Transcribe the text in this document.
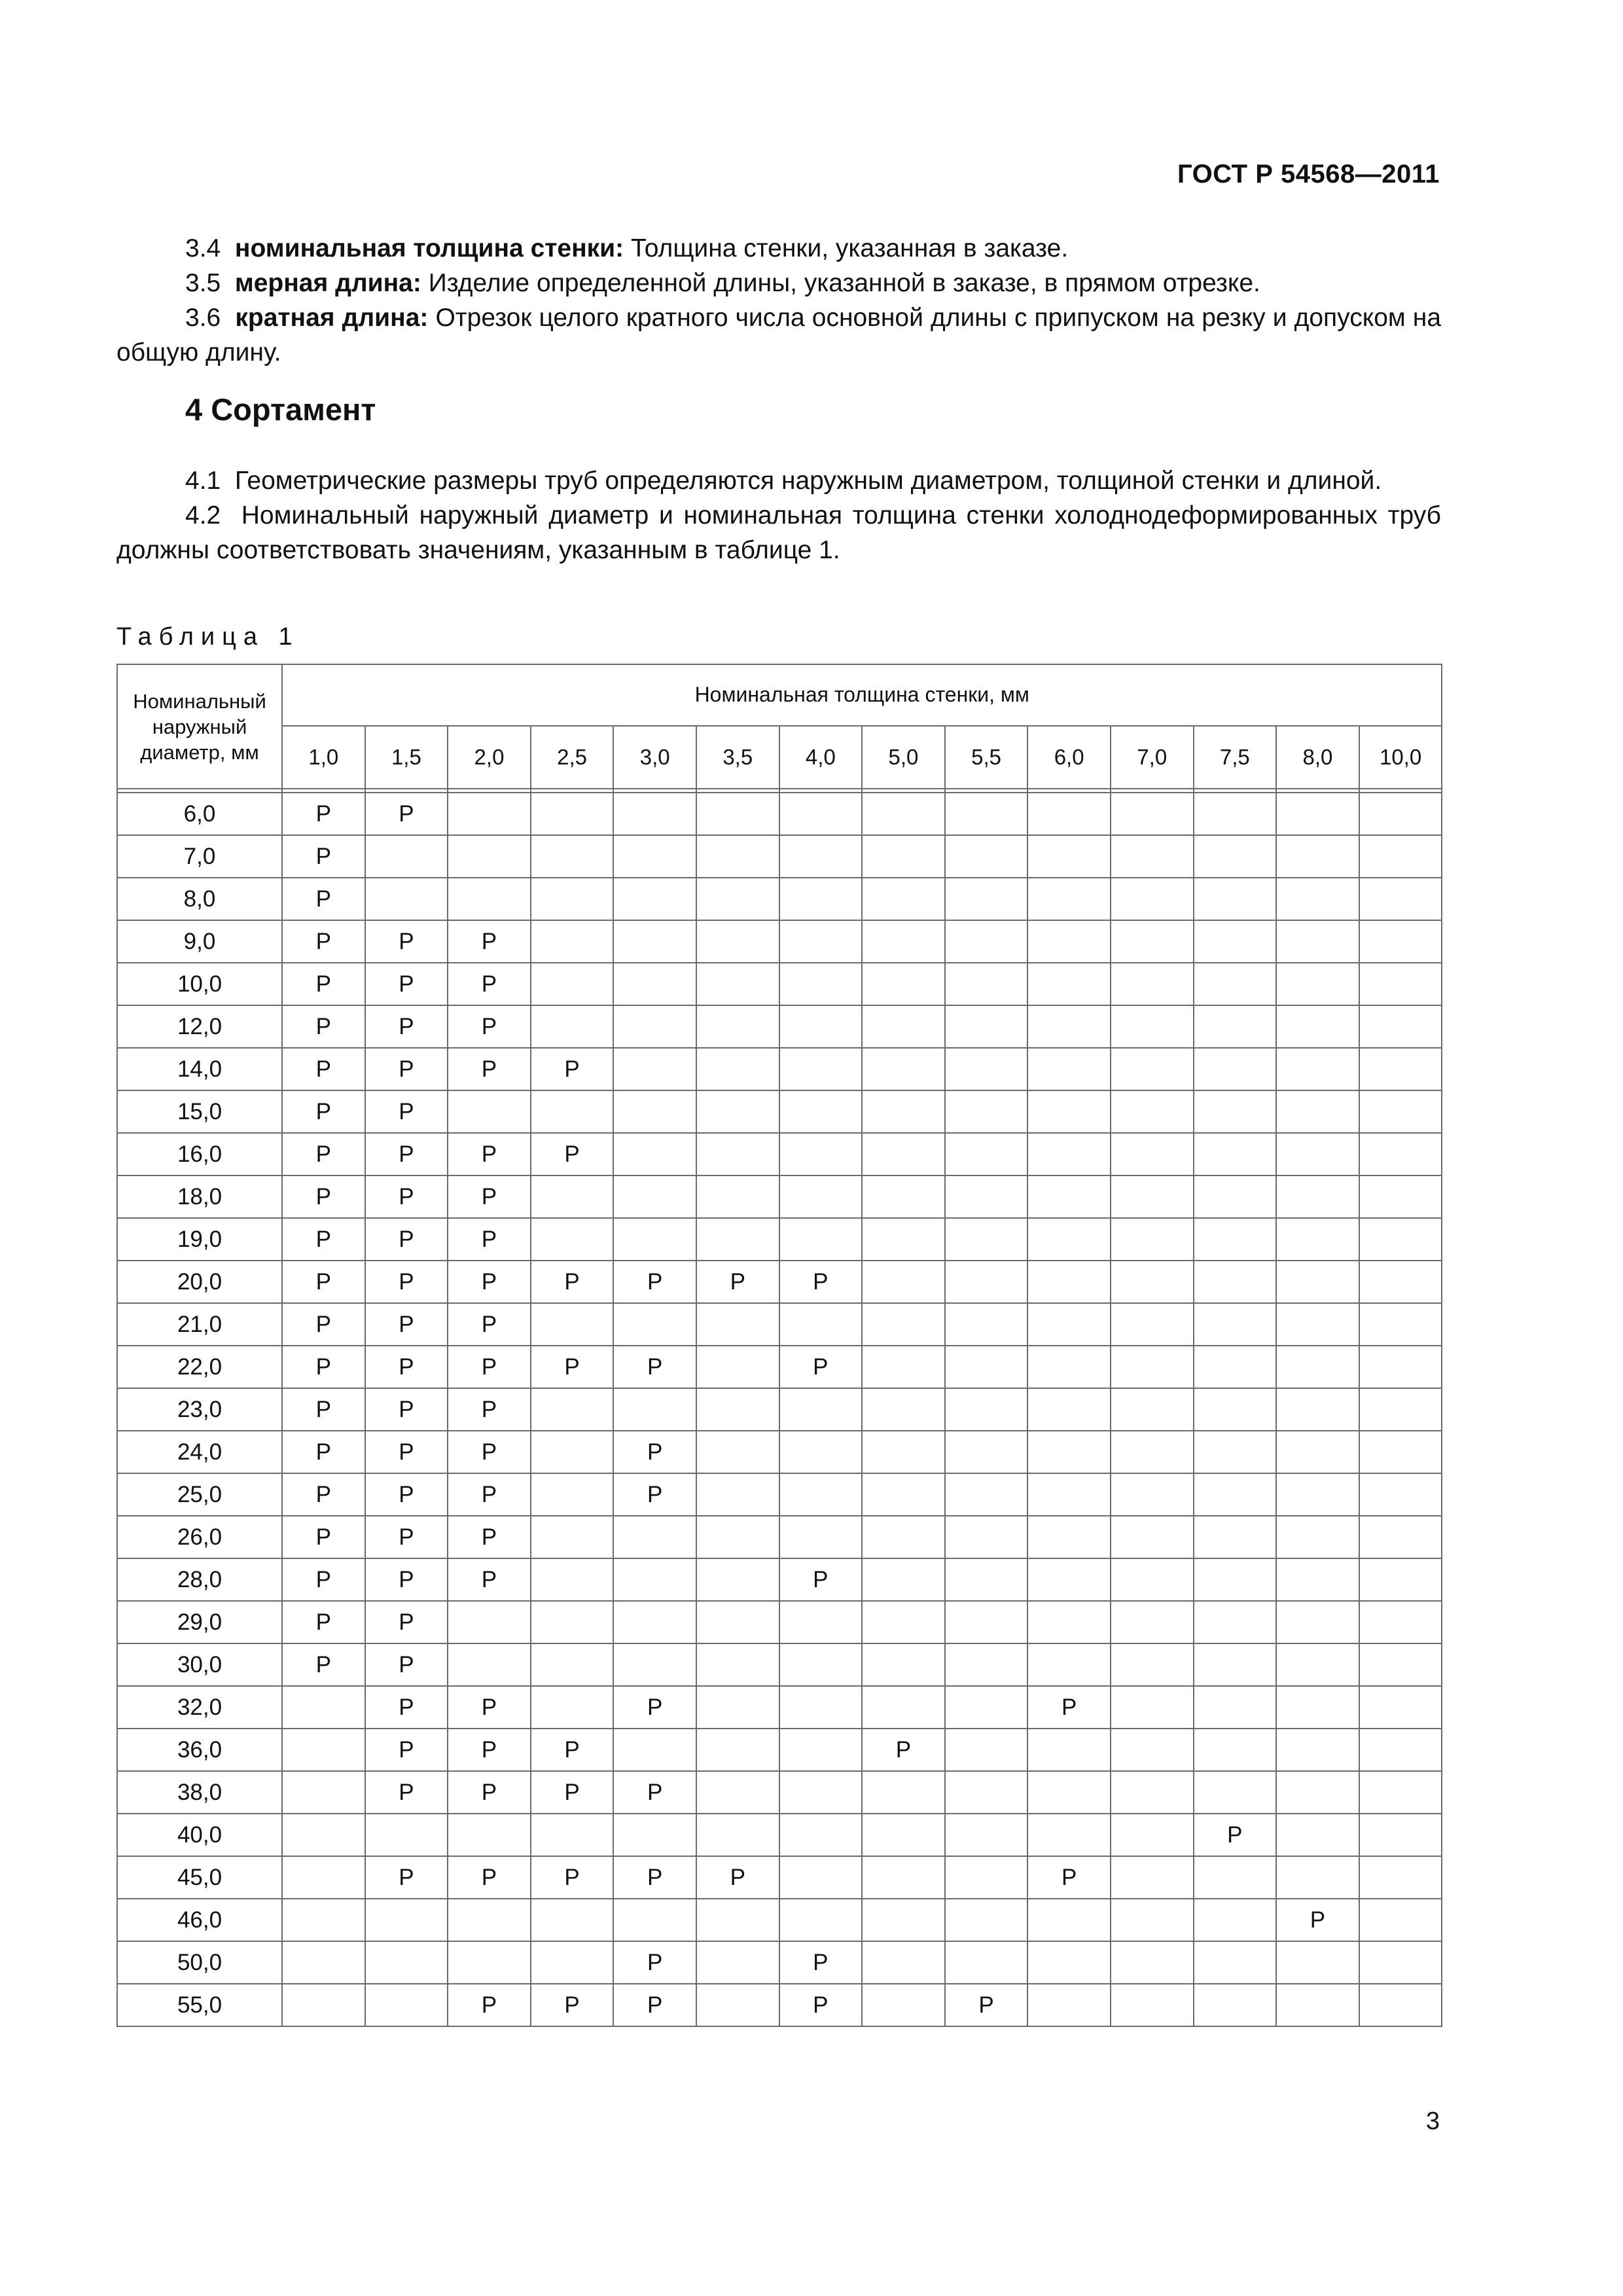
ГОСТ Р 54568—2011

3.4 номинальная толщина стенки: Толщина стенки, указанная в заказе.

3.5 мерная длина: Изделие определенной длины, указанной в заказе, в прямом отрезке.

3.6 кратная длина: Отрезок целого кратного числа основной длины с припуском на резку и допуском на общую длину.

4 Сортамент

4.1 Геометрические размеры труб определяются наружным диаметром, толщиной стенки и длиной.

4.2 Номинальный наружный диаметр и номинальная толщина стенки холоднодеформированных труб должны соответствовать значениям, указанным в таблице 1.

Таблица 1
Номинальный наружный диаметр, мм	Номинальная толщина стенки, мм													
	1,0	1,5	2,0	2,5	3,0	3,5	4,0	5,0	5,5	6,0	7,0	7,5	8,0	10,0

6,0	Р	Р												
7,0	Р													
8,0	Р													
9,0	Р	Р	Р											
10,0	Р	Р	Р											
12,0	Р	Р	Р											
14,0	Р	Р	Р	Р										
15,0	Р	Р												
16,0	Р	Р	Р	Р										
18,0	Р	Р	Р											
19,0	Р	Р	Р											
20,0	Р	Р	Р	Р	Р	Р	Р							
21,0	Р	Р	Р											
22,0	Р	Р	Р	Р	Р		Р							
23,0	Р	Р	Р											
24,0	Р	Р	Р		Р									
25,0	Р	Р	Р		Р									
26,0	Р	Р	Р											
28,0	Р	Р	Р				Р							
29,0	Р	Р												
30,0	Р	Р												
32,0		Р	Р		Р					Р				
36,0		Р	Р	Р				Р						
38,0		Р	Р	Р	Р									
40,0												Р		
45,0		Р	Р	Р	Р	Р				Р				
46,0													Р	
50,0					Р		Р							
55,0			Р	Р	Р		Р		Р					
3
